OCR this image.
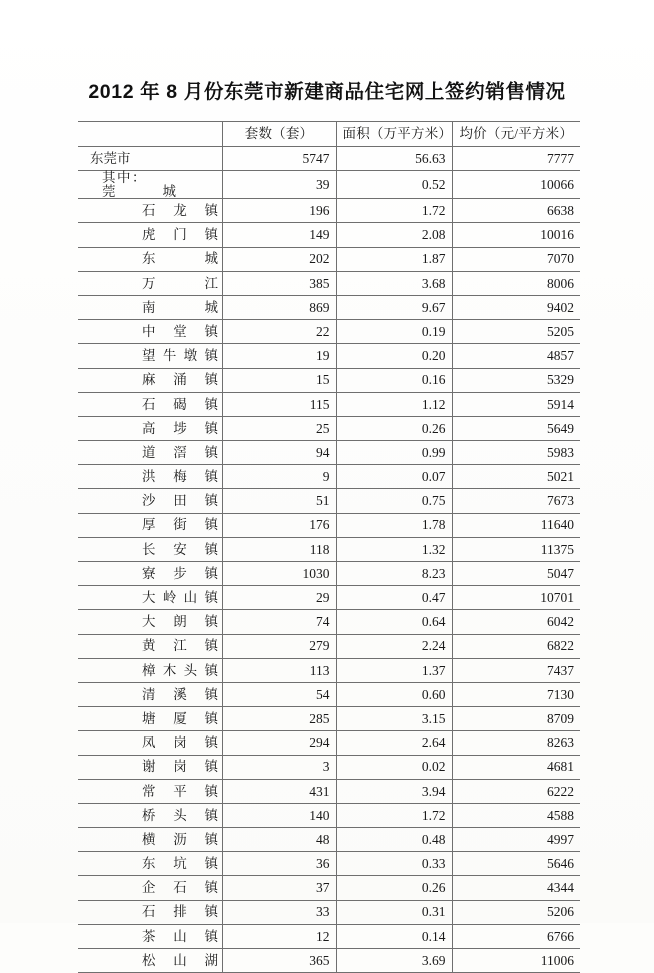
2012 年 8 月份东莞市新建商品住宅网上签约销售情况
	套数（套）	面积（万平方米）	均价（元/平方米）

东莞市	5747	56.63	7777

其中：
莞 城	39	0.52	10066

石 龙 镇	196	1.72	6638

虎 门 镇	149	2.08	10016

东 城	202	1.87	7070

万 江	385	3.68	8006

南 城	869	9.67	9402

中 堂 镇	22	0.19	5205

望 牛 墩 镇	19	0.20	4857

麻 涌 镇	15	0.16	5329

石 碣 镇	115	1.12	5914

高 埗 镇	25	0.26	5649

道 滘 镇	94	0.99	5983

洪 梅 镇	9	0.07	5021

沙 田 镇	51	0.75	7673

厚 街 镇	176	1.78	11640

长 安 镇	118	1.32	11375

寮 步 镇	1030	8.23	5047

大 岭 山 镇	29	0.47	10701

大 朗 镇	74	0.64	6042

黄 江 镇	279	2.24	6822

樟 木 头 镇	113	1.37	7437

清 溪 镇	54	0.60	7130

塘 厦 镇	285	3.15	8709

凤 岗 镇	294	2.64	8263

谢 岗 镇	3	0.02	4681

常 平 镇	431	3.94	6222

桥 头 镇	140	1.72	4588

横 沥 镇	48	0.48	4997

东 坑 镇	36	0.33	5646

企 石 镇	37	0.26	4344

石 排 镇	33	0.31	5206

茶 山 镇	12	0.14	6766

松 山 湖	365	3.69	11006
